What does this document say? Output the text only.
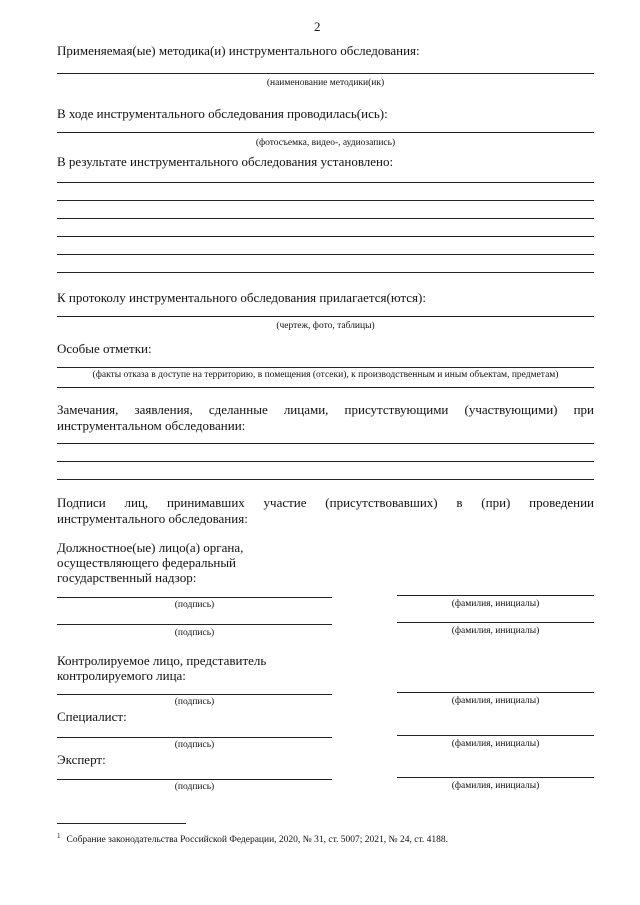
2
Применяемая(ые) методика(и) инструментального обследования:
(наименование методики(ик)
В ходе инструментального обследования проводилась(ись):
(фотосъемка, видео-, аудиозапись)
В результате инструментального обследования установлено:
К протоколу инструментального обследования прилагается(ются):
(чертеж, фото, таблицы)
Особые отметки:
(факты отказа в доступе на территорию, в помещения (отсеки), к производственным и иным объектам, предметам)
Замечания, заявления, сделанные лицами, присутствующими (участвующими) при
инструментальном обследовании:
Подписи лиц, принимавших участие (присутствовавших) в (при) проведении
инструментального обследования:
Должностное(ые) лицо(а) органа,
осуществляющего федеральный
государственный надзор:
(подпись)	(фамилия, инициалы)
(подпись)	(фамилия, инициалы)
Контролируемое лицо, представитель
контролируемого лица:
(подпись)	(фамилия, инициалы)
Специалист:
(подпись)	(фамилия, инициалы)
Эксперт:
(подпись)	(фамилия, инициалы)
$^1$ Собрание законодательства Российской Федерации, 2020, № 31, ст. 5007; 2021, № 24, ст. 4188.
